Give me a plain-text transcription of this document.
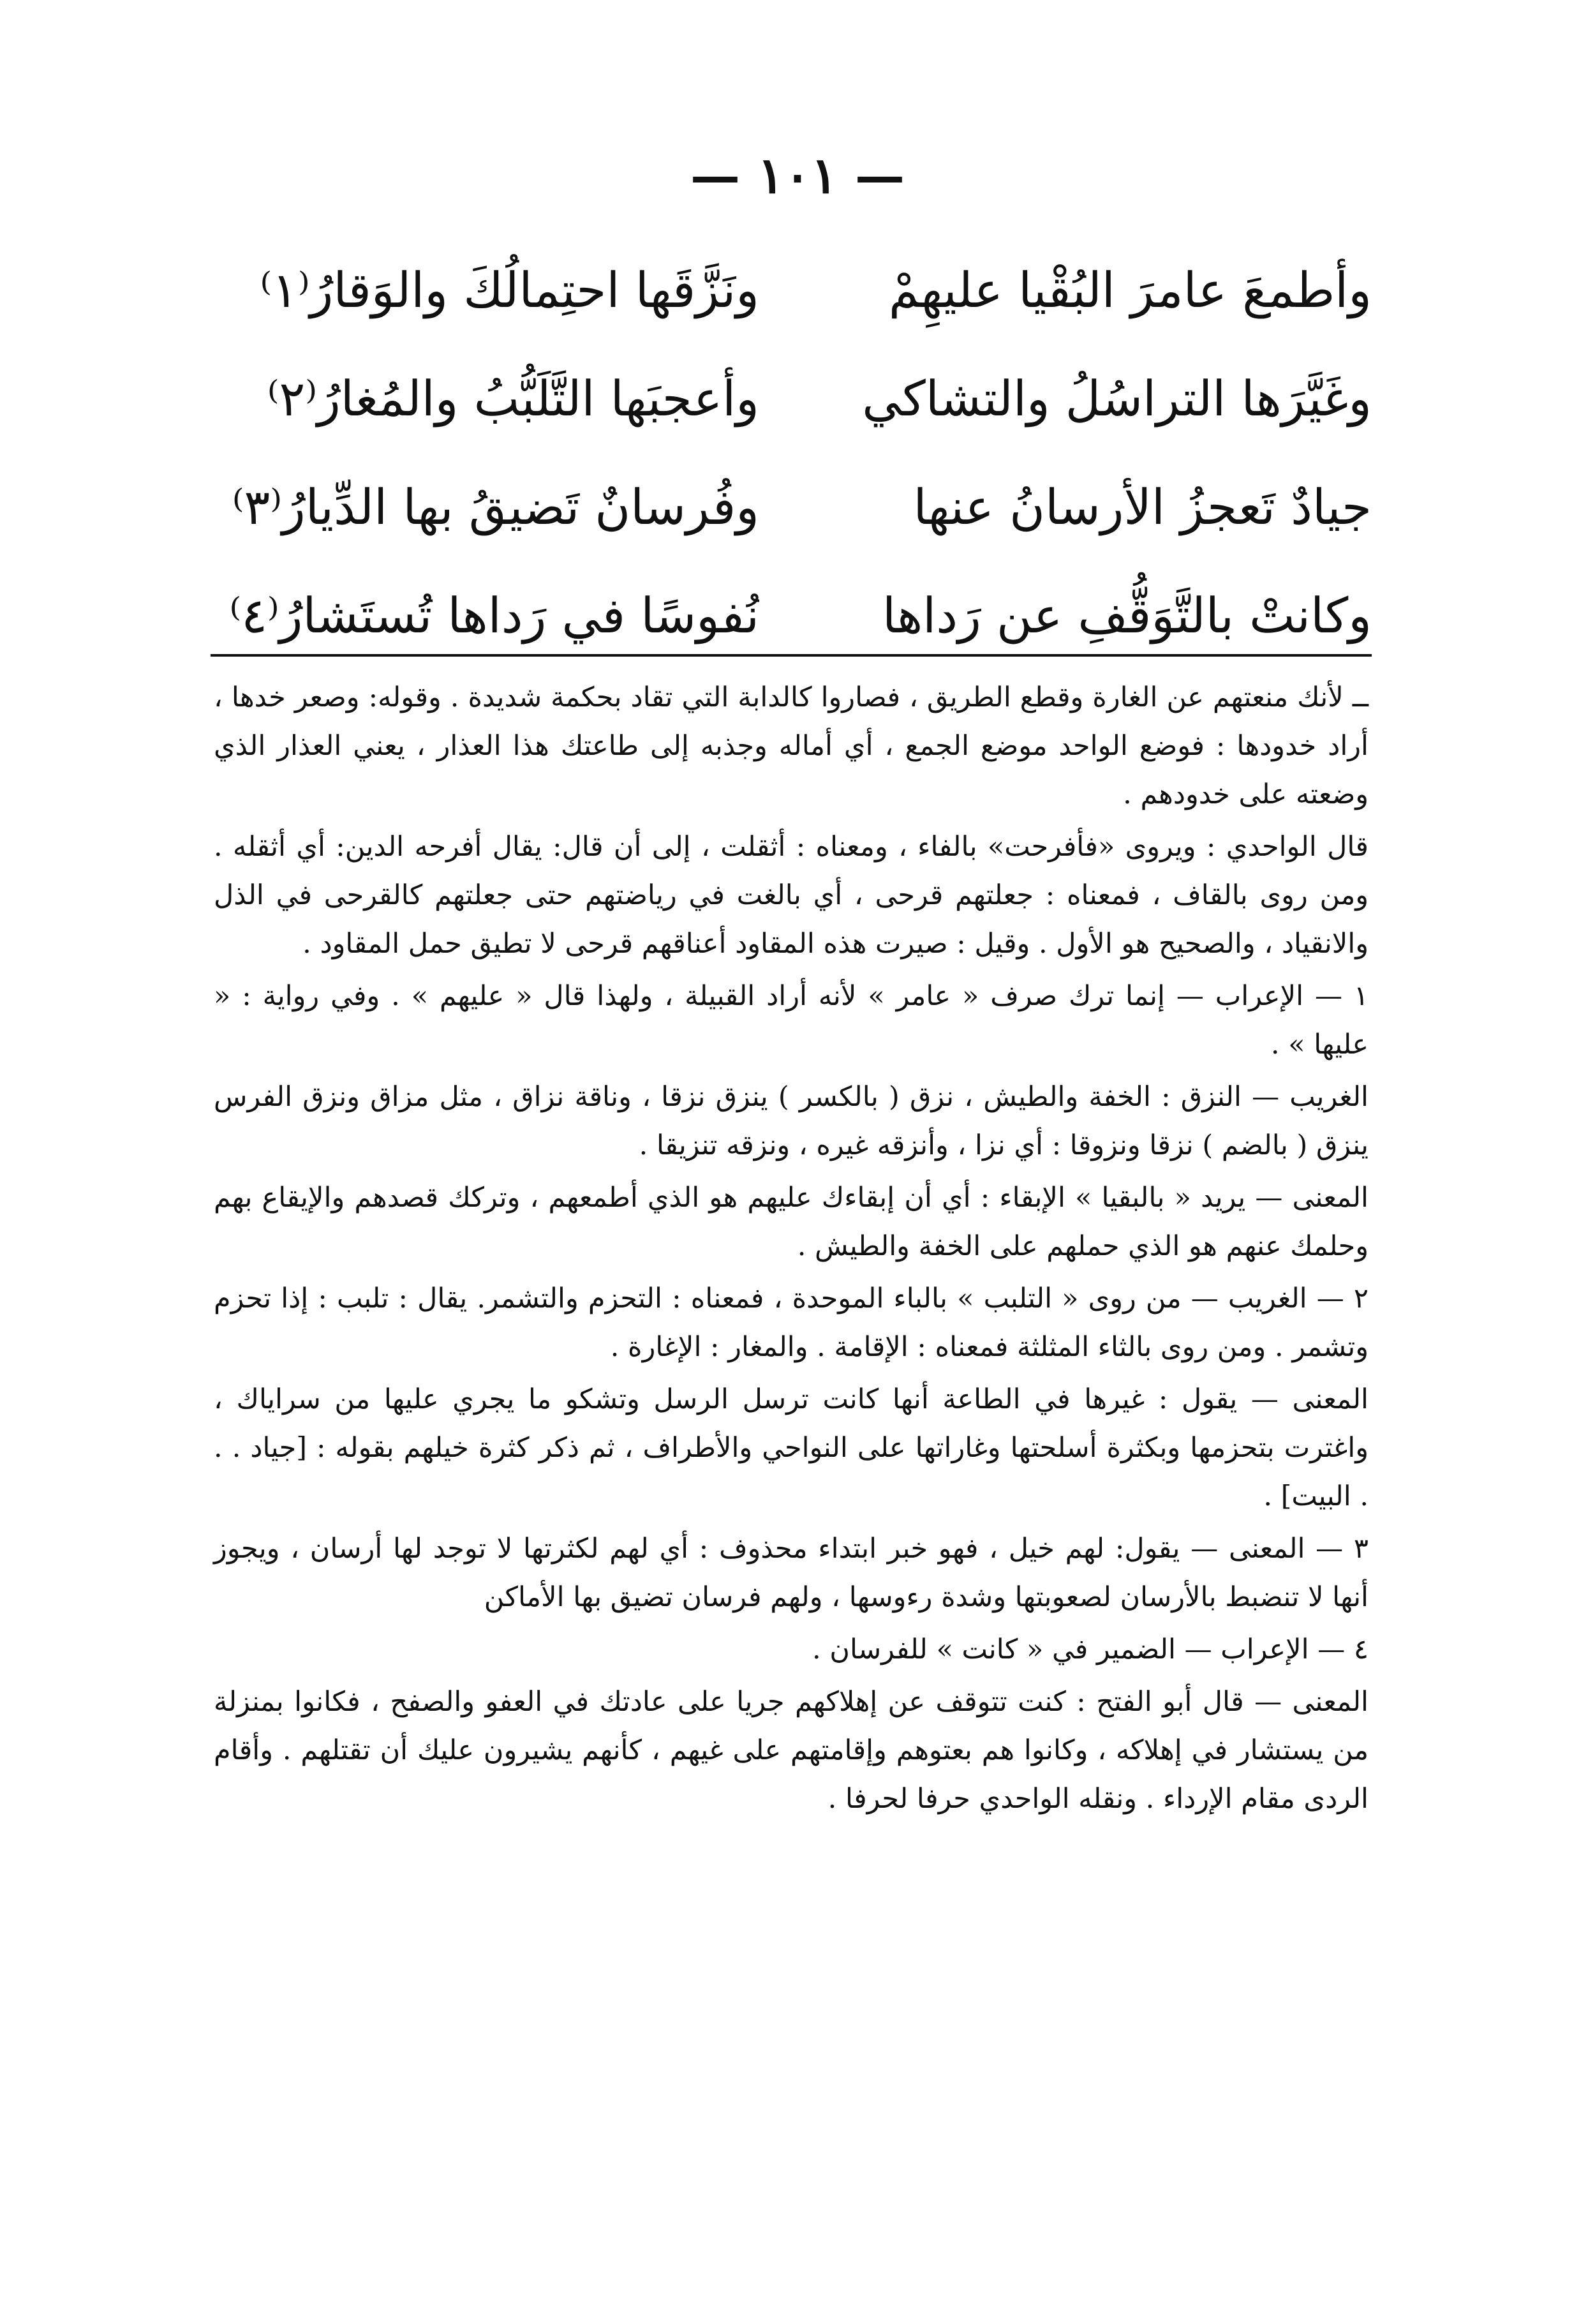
— ١٠١ —
وأطمعَ عامرَ البُقْيا عليهِمْ
ونَزَّقَها احتِمالُكَ والوَقارُ⁽١⁾
وغَيَّرَها التراسُلُ والتشاكي
وأعجبَها التَّلَبُّبُ والمُغارُ⁽٢⁾
جيادٌ تَعجزُ الأرسانُ عنها
وفُرسانٌ تَضيقُ بها الدِّيارُ⁽٣⁾
وكانتْ بالتَّوَقُّفِ عن رَداها
نُفوسًا في رَداها تُستَشارُ⁽٤⁾

ــ لأنك منعتهم عن الغارة وقطع الطريق ، فصاروا كالدابة التي تقاد بحكمة شديدة . وقوله: وصعر خدها ، أراد خدودها : فوضع الواحد موضع الجمع ، أي أماله وجذبه إلى طاعتك هذا العذار ، يعني العذار الذي وضعته على خدودهم .

قال الواحدي : ويروى «فأفرحت» بالفاء ، ومعناه : أثقلت ، إلى أن قال: يقال أفرحه الدين: أي أثقله . ومن روى بالقاف ، فمعناه : جعلتهم قرحى ، أي بالغت في رياضتهم حتى جعلتهم كالقرحى في الذل والانقياد ، والصحيح هو الأول . وقيل : صيرت هذه المقاود أعناقهم قرحى لا تطيق حمل المقاود .

١ — الإعراب — إنما ترك صرف « عامر » لأنه أراد القبيلة ، ولهذا قال « عليهم » . وفي رواية : « عليها » .

الغريب — النزق : الخفة والطيش ، نزق ( بالكسر ) ينزق نزقا ، وناقة نزاق ، مثل مزاق ونزق الفرس ينزق ( بالضم ) نزقا ونزوقا : أي نزا ، وأنزقه غيره ، ونزقه تنزيقا .

المعنى — يريد « بالبقيا » الإبقاء : أي أن إبقاءك عليهم هو الذي أطمعهم ، وتركك قصدهم والإيقاع بهم وحلمك عنهم هو الذي حملهم على الخفة والطيش .

٢ — الغريب — من روى « التلبب » بالباء الموحدة ، فمعناه : التحزم والتشمر. يقال : تلبب : إذا تحزم وتشمر . ومن روى بالثاء المثلثة فمعناه : الإقامة . والمغار : الإغارة .

المعنى — يقول : غيرها في الطاعة أنها كانت ترسل الرسل وتشكو ما يجري عليها من سراياك ، واغترت بتحزمها وبكثرة أسلحتها وغاراتها على النواحي والأطراف ، ثم ذكر كثرة خيلهم بقوله : [جياد . . . البيت] .

٣ — المعنى — يقول: لهم خيل ، فهو خبر ابتداء محذوف : أي لهم لكثرتها لا توجد لها أرسان ، ويجوز أنها لا تنضبط بالأرسان لصعوبتها وشدة رءوسها ، ولهم فرسان تضيق بها الأماكن

٤ — الإعراب — الضمير في « كانت » للفرسان .

المعنى — قال أبو الفتح : كنت تتوقف عن إهلاكهم جريا على عادتك في العفو والصفح ، فكانوا بمنزلة من يستشار في إهلاكه ، وكانوا هم بعتوهم وإقامتهم على غيهم ، كأنهم يشيرون عليك أن تقتلهم . وأقام الردى مقام الإرداء . ونقله الواحدي حرفا لحرفا .
